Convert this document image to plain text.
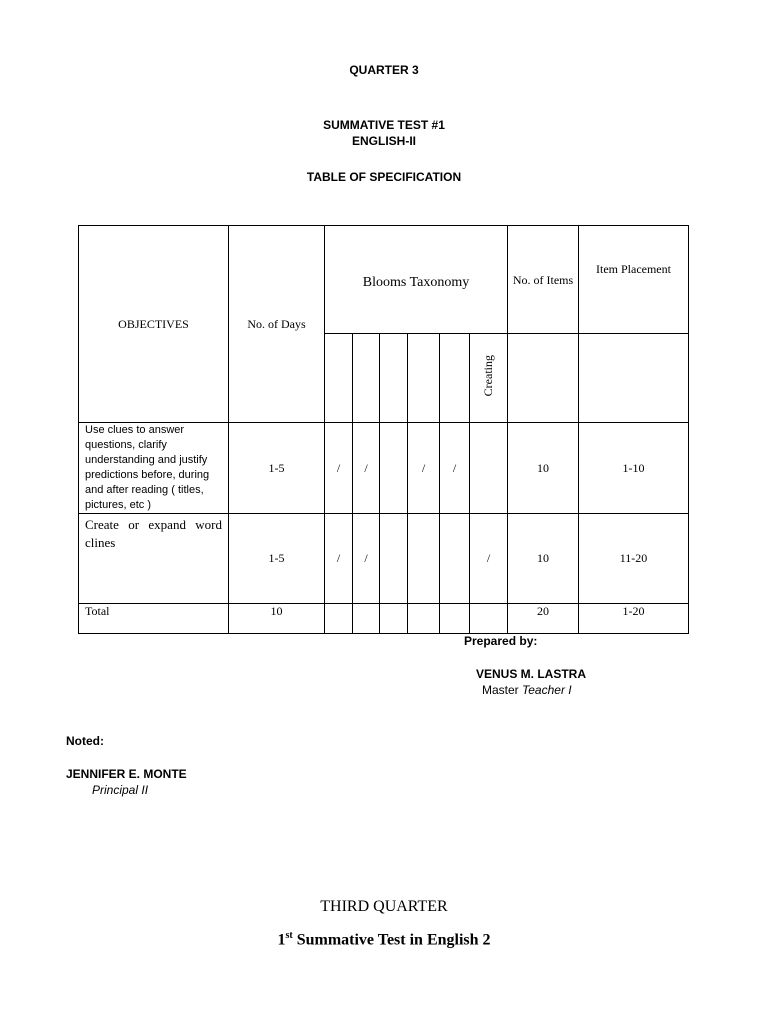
QUARTER 3
SUMMATIVE TEST #1
ENGLISH-II
TABLE OF SPECIFICATION
OBJECTIVES	No. of Days	Blooms Taxonomy						No. of Items	Item Placement
							Creating		
Use clues to answer questions, clarify understanding and justify predictions before, during and after reading ( titles, pictures, etc )	1-5	/	/		/	/		10	1-10
Create or expand word clines	1-5	/	/				/	10	11-20
Total	10							20	1-20
Prepared by:
VENUS M. LASTRA
Master Teacher I
Noted:
JENNIFER E. MONTE
Principal II
THIRD QUARTER
1st Summative Test in English 2
